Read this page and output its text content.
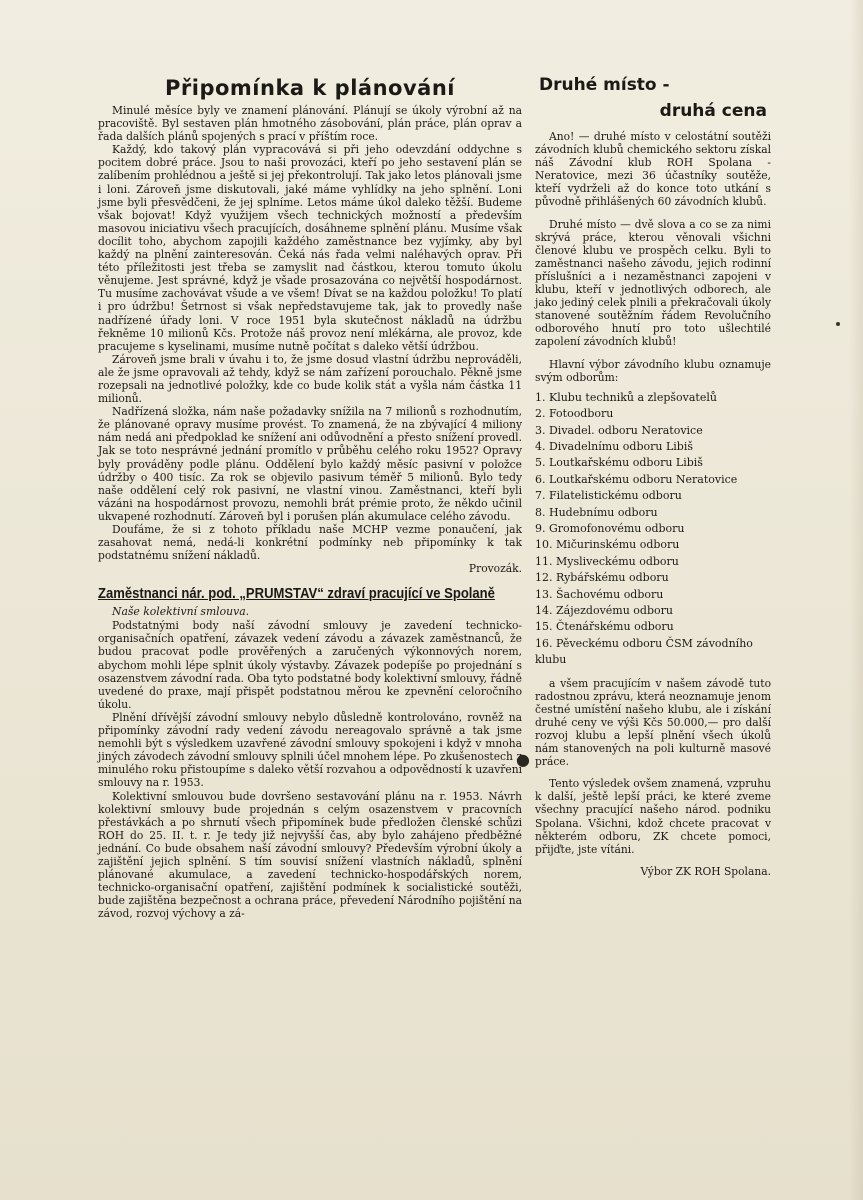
Připomínka k plánování

Minulé měsíce byly ve znamení plánování. Plánují se úkoly výrobní až na pracoviště. Byl sestaven plán hmotného zásobování, plán práce, plán oprav a řada dalších plánů spojených s prací v příštím roce.

Každý, kdo takový plán vypracovává si při jeho odevzdání oddychne s pocitem dobré práce. Jsou to naši provozáci, kteří po jeho sestavení plán se zalíbením prohlédnou a ještě si jej překontrolují. Tak jako letos plánovali jsme i loni. Zároveň jsme diskutovali, jaké máme vyhlídky na jeho splnění. Loni jsme byli přesvědčeni, že jej splníme. Letos máme úkol daleko těžší. Budeme však bojovat! Když využijem všech technických možností a především masovou iniciativu všech pracujících, dosáhneme splnění plánu. Musíme však docílit toho, abychom zapojili každého zaměstnance bez vyjímky, aby byl každý na plnění zainteresován. Čeká nás řada velmi naléhavých oprav. Při této příležitosti jest třeba se zamyslit nad částkou, kterou tomuto úkolu věnujeme. Jest správné, když je všade prosazována co největší hospodárnost. Tu musíme zachovávat všude a ve všem! Dívat se na každou položku! To platí i pro údržbu! Šetrnost si však nepředstavujeme tak, jak to provedly naše nadřízené úřady loni. V roce 1951 byla skutečnost nákladů na údržbu řekněme 10 milionů Kčs. Protože náš provoz není mlékárna, ale provoz, kde pracujeme s kyselinami, musíme nutně počítat s daleko větší údržbou.

Zároveň jsme brali v úvahu i to, že jsme dosud vlastní údržbu neprováděli, ale že jsme opravovali až tehdy, když se nám zařízení porouchalo. Pěkně jsme rozepsali na jednotlivé položky, kde co bude kolik stát a vyšla nám částka 11 milionů.

Nadřízená složka, nám naše požadavky snížila na 7 milionů s rozhodnutím, že plánované opravy musíme provést. To znamená, že na zbývající 4 miliony nám nedá ani předpoklad ke snížení ani odůvodnění a přesto snížení provedl. Jak se toto nesprávné jednání promítlo v průběhu celého roku 1952? Opravy byly prováděny podle plánu. Oddělení bylo každý měsíc pasivní v položce údržby o 400 tisíc. Za rok se objevilo pasivum téměř 5 milionů. Bylo tedy naše oddělení celý rok pasivní, ne vlastní vinou. Zaměstnanci, kteří byli vázáni na hospodárnost provozu, nemohli brát prémie proto, že někdo učinil ukvapené rozhodnutí. Zároveň byl i porušen plán akumulace celého závodu.

Doufáme, že si z tohoto příkladu naše MCHP vezme ponaučení, jak zasahovat nemá, nedá-li konkrétní podmínky neb připomínky k tak podstatnému snížení nákladů.

Provozák.
Zaměstnanci nár. pod. „PRUMSTAV“ zdraví pracující ve Spolaně
Naše kolektivní smlouva.

Podstatnými body naší závodní smlouvy je zavedení technicko-organisačních opatření, závazek vedení závodu a závazek zaměstnanců, že budou pracovat podle prověřených a zaručených výkonnových norem, abychom mohli lépe splnit úkoly výstavby. Závazek podepíše po projednání s osazenstvem závodní rada. Oba tyto podstatné body kolektivní smlouvy, řádně uvedené do praxe, mají přispět podstatnou měrou ke zpevnění celoročního úkolu.

Plnění dřívější závodní smlouvy nebylo důsledně kontrolováno, rovněž na připomínky závodní rady vedení závodu nereagovalo správně a tak jsme nemohli být s výsledkem uzavřené závodní smlouvy spokojeni i když v mnoha jiných závodech závodní smlouvy splnili účel mnohem lépe. Po zkušenostech z minulého roku přistoupíme s daleko větší rozvahou a odpovědností k uzavření smlouvy na r. 1953.

Kolektivní smlouvou bude dovršeno sestavování plánu na r. 1953. Návrh kolektivní smlouvy bude projednán s celým osazenstvem v pracovních přestávkách a po shrnutí všech připomínek bude předložen členské schůzi ROH do 25. II. t. r. Je tedy již nejvyšší čas, aby bylo zahájeno předběžné jednání. Co bude obsahem naší závodní smlouvy? Především výrobní úkoly a zajištění jejich splnění. S tím souvisí snížení vlastních nákladů, splnění plánované akumulace, a zavedení technicko-hospodářských norem, technicko-organisační opatření, zajištění podmínek k socialistické soutěži, bude zajištěna bezpečnost a ochrana práce, převedení Národního pojištění na závod, rozvoj výchovy a zá-

Druhé místo -
druhá cena

Ano! — druhé místo v celostátní soutěži závodních klubů chemického sektoru získal náš Závodní klub ROH Spolana - Neratovice, mezi 36 účastníky soutěže, kteří vydrželi až do konce toto utkání s původně přihlášených 60 závodních klubů.

Druhé místo — dvě slova a co se za nimi skrývá práce, kterou věnovali všichni členové klubu ve prospěch celku. Byli to zaměstnanci našeho závodu, jejich rodinní příslušníci a i nezaměstnanci zapojeni v klubu, kteří v jednotlivých odborech, ale jako jediný celek plnili a překračovali úkoly stanovené soutěžním řádem Revolučního odborového hnutí pro toto ušlechtilé zapolení závodních klubů!

Hlavní výbor závodního klubu oznamuje svým odborům:

1. Klubu techniků a zlepšovatelů
2. Fotoodboru
3. Divadel. odboru Neratovice
4. Divadelnímu odboru Libiš
5. Loutkařskému odboru Libiš
6. Loutkařskému odboru Neratovice
7. Filatelistickému odboru
8. Hudebnímu odboru
9. Gromofonovému odboru
10. Mičurinskému odboru
11. Mysliveckému odboru
12. Rybářskému odboru
13. Šachovému odboru
14. Zájezdovému odboru
15. Čtenářskému odboru
16. Pěveckému odboru ČSM závodního klubu

a všem pracujícím v našem závodě tuto radostnou zprávu, která neoznamuje jenom čestné umístění našeho klubu, ale i získání druhé ceny ve výši Kčs 50.000,— pro další rozvoj klubu a lepší plnění všech úkolů nám stanovených na poli kulturně masové práce.

Tento výsledek ovšem znamená, vzpruhu k další, ještě lepší práci, ke které zveme všechny pracující našeho národ. podniku Spolana. Všichni, kdož chcete pracovat v některém odboru, ZK chcete pomoci, přijďte, jste vítáni.

Výbor ZK ROH Spolana.
●
